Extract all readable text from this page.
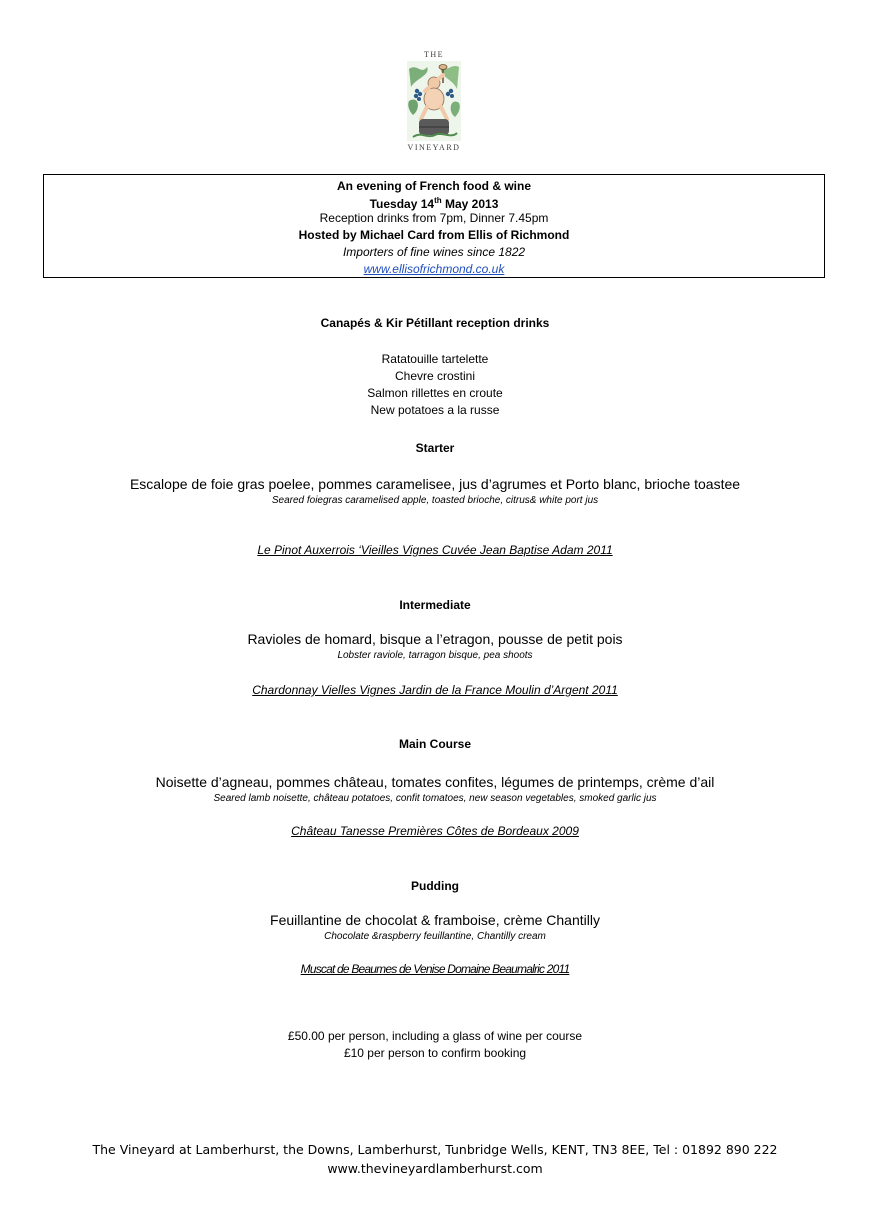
THE
VINEYARD
An evening of French food & wine
Tuesday 14th May 2013
Reception drinks from 7pm, Dinner 7.45pm
Hosted by Michael Card from Ellis of Richmond
Importers of fine wines since 1822
www.ellisofrichmond.co.uk
Canapés & Kir Pétillant reception drinks
Ratatouille tartelette
Chevre crostini
Salmon rillettes en croute
New potatoes a la russe
Starter
Escalope de foie gras poelee, pommes caramelisee, jus d’agrumes et Porto blanc, brioche toastee
Seared foiegras caramelised apple, toasted brioche, citrus& white port jus
Le Pinot Auxerrois ‘Vieilles Vignes Cuvée Jean Baptise Adam 2011
Intermediate
Ravioles de homard, bisque a l’etragon, pousse de petit pois
Lobster raviole, tarragon bisque, pea shoots
Chardonnay Vielles Vignes Jardin de la France Moulin d’Argent 2011
Main Course
Noisette d’agneau, pommes château, tomates confites, légumes de printemps, crème d’ail
Seared lamb noisette, château potatoes, confit tomatoes, new season vegetables, smoked garlic jus
Château Tanesse Premières Côtes de Bordeaux 2009
Pudding
Feuillantine de chocolat & framboise, crème Chantilly
Chocolate &raspberry feuillantine, Chantilly cream
Muscat de Beaumes de Venise Domaine Beaumalric 2011
£50.00 per person, including a glass of wine per course
£10 per person to confirm booking
The Vineyard at Lamberhurst, the Downs, Lamberhurst, Tunbridge Wells, KENT, TN3 8EE, Tel : 01892 890 222
www.thevineyardlamberhurst.com
